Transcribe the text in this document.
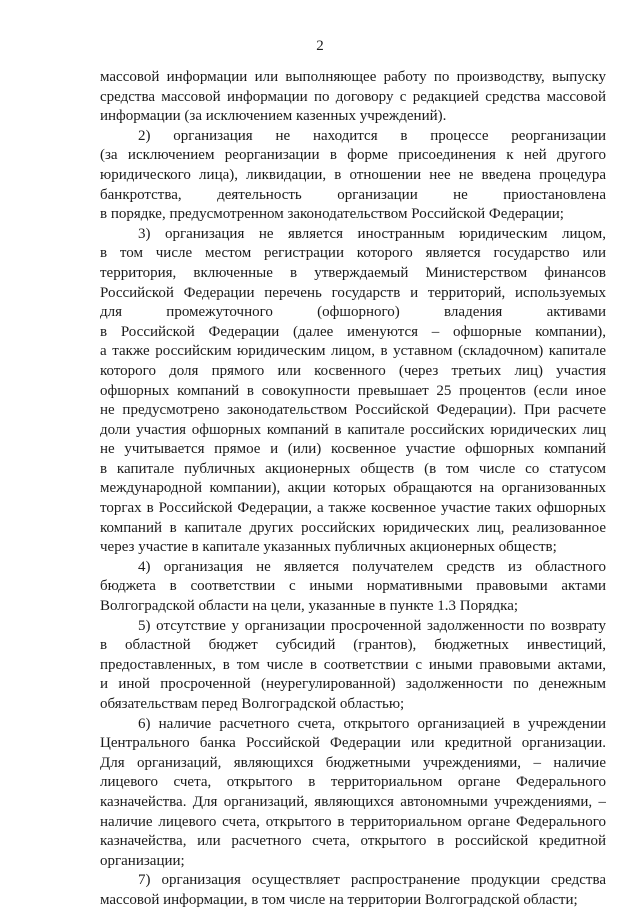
2
массовой информации или выполняющее работу по производству, выпуску
средства массовой информации по договору с редакцией средства массовой
информации (за исключением казенных учреждений).
2) организация не находится в процессе реорганизации
(за исключением реорганизации в форме присоединения к ней другого
юридического лица), ликвидации, в отношении нее не введена процедура
банкротства, деятельность организации не приостановлена
в порядке, предусмотренном законодательством Российской Федерации;
3) организация не является иностранным юридическим лицом,
в том числе местом регистрации которого является государство или
территория, включенные в утверждаемый Министерством финансов
Российской Федерации перечень государств и территорий, используемых
для промежуточного (офшорного) владения активами
в Российской Федерации (далее именуются – офшорные компании),
а также российским юридическим лицом, в уставном (складочном) капитале
которого доля прямого или косвенного (через третьих лиц) участия
офшорных компаний в совокупности превышает 25 процентов (если иное
не предусмотрено законодательством Российской Федерации). При расчете
доли участия офшорных компаний в капитале российских юридических лиц
не учитывается прямое и (или) косвенное участие офшорных компаний
в капитале публичных акционерных обществ (в том числе со статусом
международной компании), акции которых обращаются на организованных
торгах в Российской Федерации, а также косвенное участие таких офшорных
компаний в капитале других российских юридических лиц, реализованное
через участие в капитале указанных публичных акционерных обществ;
4) организация не является получателем средств из областного
бюджета в соответствии с иными нормативными правовыми актами
Волгоградской области на цели, указанные в пункте 1.3 Порядка;
5) отсутствие у организации просроченной задолженности по возврату
в областной бюджет субсидий (грантов), бюджетных инвестиций,
предоставленных, в том числе в соответствии с иными правовыми актами,
и иной просроченной (неурегулированной) задолженности по денежным
обязательствам перед Волгоградской областью;
6) наличие расчетного счета, открытого организацией в учреждении
Центрального банка Российской Федерации или кредитной организации.
Для организаций, являющихся бюджетными учреждениями, – наличие
лицевого счета, открытого в территориальном органе Федерального
казначейства. Для организаций, являющихся автономными учреждениями, –
наличие лицевого счета, открытого в территориальном органе Федерального
казначейства, или расчетного счета, открытого в российской кредитной
организации;
7) организация осуществляет распространение продукции средства
массовой информации, в том числе на территории Волгоградской области;
